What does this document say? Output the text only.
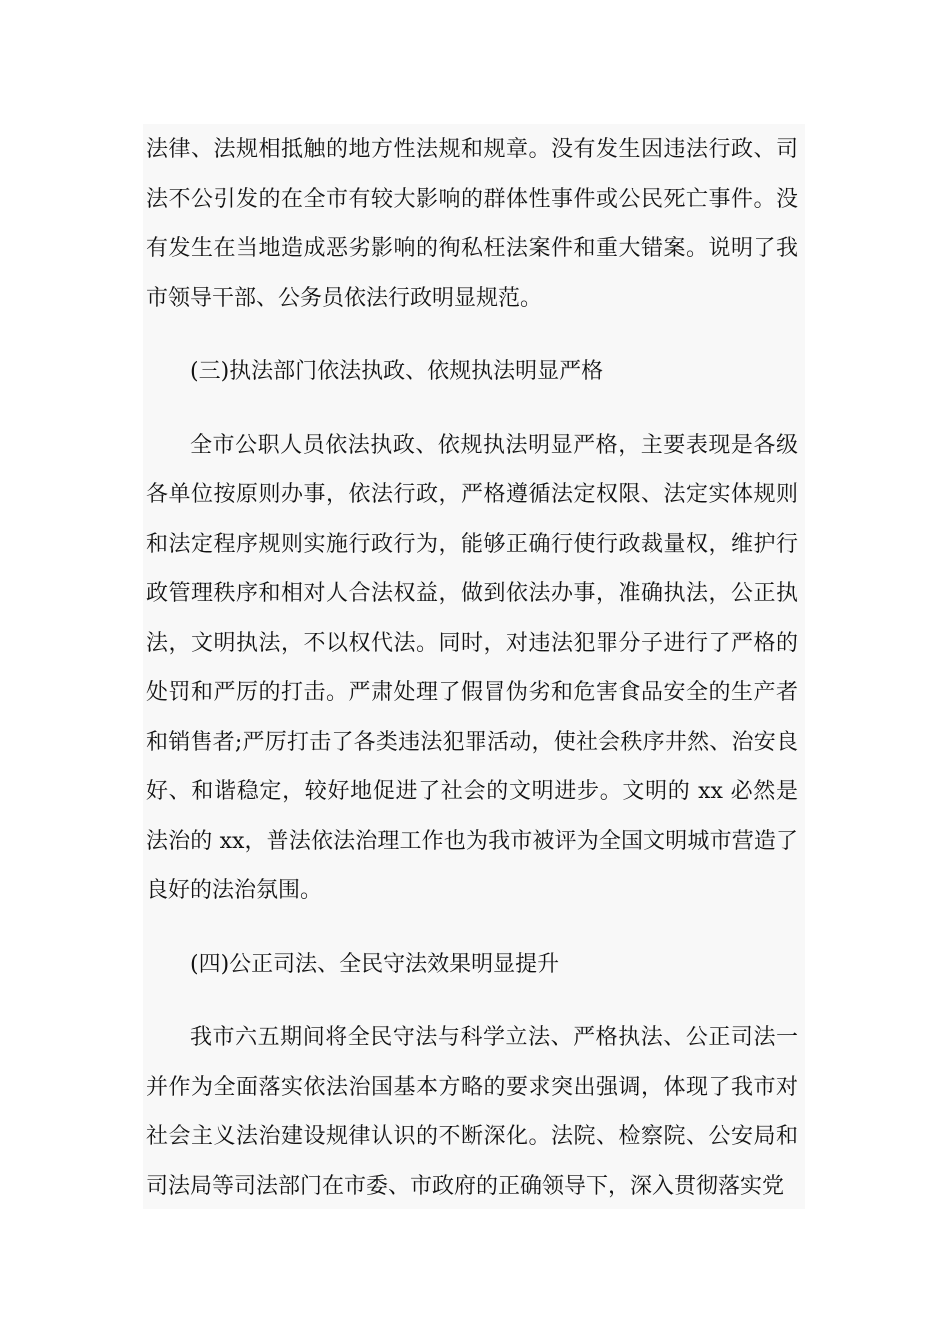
法律、法规相抵触的地方性法规和规章。没有发生因违法行政、司法不公引发的在全市有较大影响的群体性事件或公民死亡事件。没有发生在当地造成恶劣影响的徇私枉法案件和重大错案。说明了我市领导干部、公务员依法行政明显规范。

(三)执法部门依法执政、依规执法明显严格

全市公职人员依法执政、依规执法明显严格，主要表现是各级各单位按原则办事，依法行政，严格遵循法定权限、法定实体规则和法定程序规则实施行政行为，能够正确行使行政裁量权，维护行政管理秩序和相对人合法权益，做到依法办事，准确执法，公正执法，文明执法，不以权代法。同时，对违法犯罪分子进行了严格的处罚和严厉的打击。严肃处理了假冒伪劣和危害食品安全的生产者和销售者;严厉打击了各类违法犯罪活动，使社会秩序井然、治安良好、和谐稳定，较好地促进了社会的文明进步。文明的 xx 必然是法治的 xx，普法依法治理工作也为我市被评为全国文明城市营造了良好的法治氛围。

(四)公正司法、全民守法效果明显提升

我市六五期间将全民守法与科学立法、严格执法、公正司法一并作为全面落实依法治国基本方略的要求突出强调，体现了我市对社会主义法治建设规律认识的不断深化。法院、检察院、公安局和司法局等司法部门在市委、市政府的正确领导下，深入贯彻落实党
